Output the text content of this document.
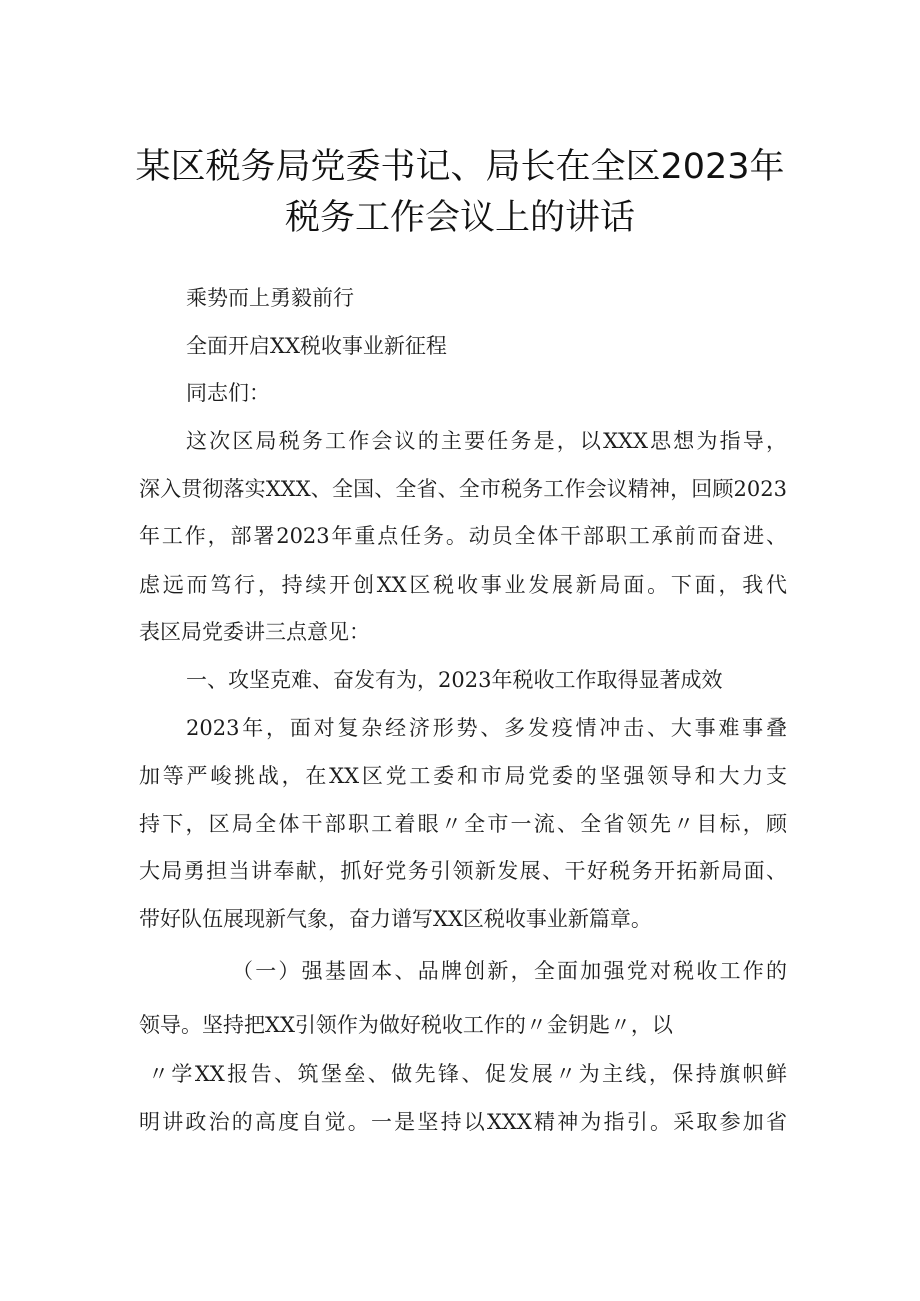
某区税务局党委书记、局长在全区2023年
税务工作会议上的讲话
乘势而上勇毅前行
全面开启XX税收事业新征程
同志们：
这次区局税务工作会议的主要任务是，以XXX思想为指导，
深入贯彻落实XXX、全国、全省、全市税务工作会议精神，回顾2023
年工作，部署2023年重点任务。动员全体干部职工承前而奋进、
虑远而笃行，持续开创XX区税收事业发展新局面。下面，我代
表区局党委讲三点意见：
一、攻坚克难、奋发有为，2023年税收工作取得显著成效
2023年，面对复杂经济形势、多发疫情冲击、大事难事叠
加等严峻挑战，在XX区党工委和市局党委的坚强领导和大力支
持下，区局全体干部职工着眼〃全市一流、全省领先〃目标，顾
大局勇担当讲奉献，抓好党务引领新发展、干好税务开拓新局面、
带好队伍展现新气象，奋力谱写XX区税收事业新篇章。
（一）强基固本、品牌创新，全面加强党对税收工作的
领导。坚持把XX引领作为做好税收工作的〃金钥匙〃，以
〃学XX报告、筑堡垒、做先锋、促发展〃为主线，保持旗帜鲜
明讲政治的高度自觉。一是坚持以XXX精神为指引。采取参加省
